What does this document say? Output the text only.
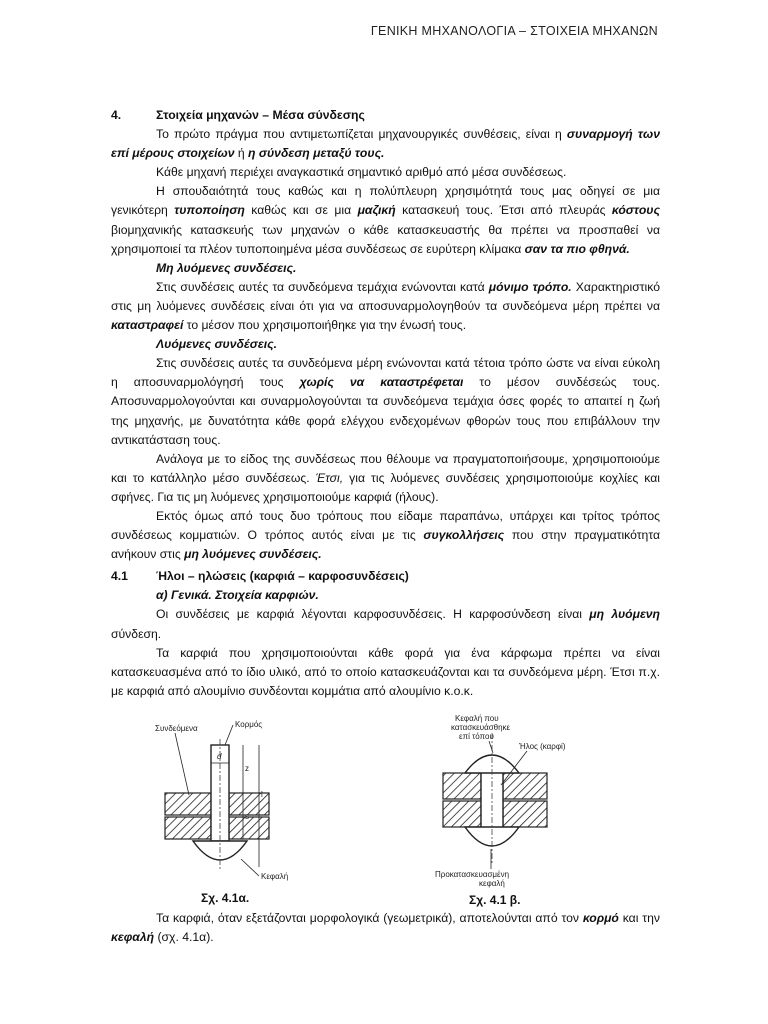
ΓΕΝΙΚΗ ΜΗΧΑΝΟΛΟΓΙΑ – ΣΤΟΙΧΕΙΑ ΜΗΧΑΝΩΝ
4.	Στοιχεία μηχανών – Μέσα σύνδεσης

Το πρώτο πράγμα που αντιμετωπίζεται μηχανουργικές συνθέσεις, είναι η συναρμογή των επί μέρους στοιχείων ή η σύνδεση μεταξύ τους.

Κάθε μηχανή περιέχει αναγκαστικά σημαντικό αριθμό από μέσα συνδέσεως.

Η σπουδαιότητά τους καθώς και η πολύπλευρη χρησιμότητά τους μας οδηγεί σε μια γενικότερη τυποποίηση καθώς και σε μια μαζική κατασκευή τους. Έτσι από πλευράς κόστους βιομηχανικής κατασκευής των μηχανών ο κάθε κατασκευαστής θα πρέπει να προσπαθεί να χρησιμοποιεί τα πλέον τυποποιημένα μέσα συνδέσεως σε ευρύτερη κλίμακα σαν τα πιο φθηνά.

Μη λυόμενες συνδέσεις.

Στις συνδέσεις αυτές τα συνδεόμενα τεμάχια ενώνονται κατά μόνιμο τρόπο. Χαρακτηριστικό στις μη λυόμενες συνδέσεις είναι ότι για να αποσυναρμολογηθούν τα συνδεόμενα μέρη πρέπει να καταστραφεί το μέσον που χρησιμοποιήθηκε για την ένωσή τους.

Λυόμενες συνδέσεις.

Στις συνδέσεις αυτές τα συνδεόμενα μέρη ενώνονται κατά τέτοια τρόπο ώστε να είναι εύκολη η αποσυναρμολόγησή τους χωρίς να καταστρέφεται το μέσον συνδέσεώς τους. Αποσυναρμολογούνται και συναρμολογούνται τα συνδεόμενα τεμάχια όσες φορές το απαιτεί η ζωή της μηχανής, με δυνατότητα κάθε φορά ελέγχου ενδεχομένων φθορών τους που επιβάλλουν την αντικατάσταση τους.

Ανάλογα με το είδος της συνδέσεως που θέλουμε να πραγματοποιήσουμε, χρησιμοποιούμε και το κατάλληλο μέσο συνδέσεως. Έτσι, για τις λυόμενες συνδέσεις χρησιμοποιούμε κοχλίες και σφήνες. Για τις μη λυόμενες χρησιμοποιούμε καρφιά (ήλους).

Εκτός όμως από τους δυο τρόπους που είδαμε παραπάνω, υπάρχει και τρίτος τρόπος συνδέσεως κομματιών. Ο τρόπος αυτός είναι με τις συγκολλήσεις που στην πραγματικότητα ανήκουν στις μη λυόμενες συνδέσεις.

4.1	Ήλοι – ηλώσεις (καρφιά – καρφοσυνδέσεις)

α) Γενικά. Στοιχεία καρφιών.

Οι συνδέσεις με καρφιά λέγονται καρφοσυνδέσεις. Η καρφοσύνδεση είναι μη λυόμενη σύνδεση.

Τα καρφιά που χρησιμοποιούνται κάθε φορά για ένα κάρφωμα πρέπει να είναι κατασκευασμένα από το ίδιο υλικό, από το οποίο κατασκευάζονται και τα συνδεόμενα μέρη. Έτσι π.χ. με καρφιά από αλουμίνιο συνδέονται κομμάτια από αλουμίνιο κ.ο.κ.

d
z
s
l
Συνδεόμενα	Κορμός
Κεφαλή
Σχ. 4.1α.
Κεφαλή που
κατασκευάσθηκε
επί τόπου
Ήλος (καρφί)
Προκατασκευασμένη
κεφαλή
Σχ. 4.1 β.

Τα καρφιά, όταν εξετάζονται μορφολογικά (γεωμετρικά), αποτελούνται από τον κορμό και την κεφαλή (σχ. 4.1α).
